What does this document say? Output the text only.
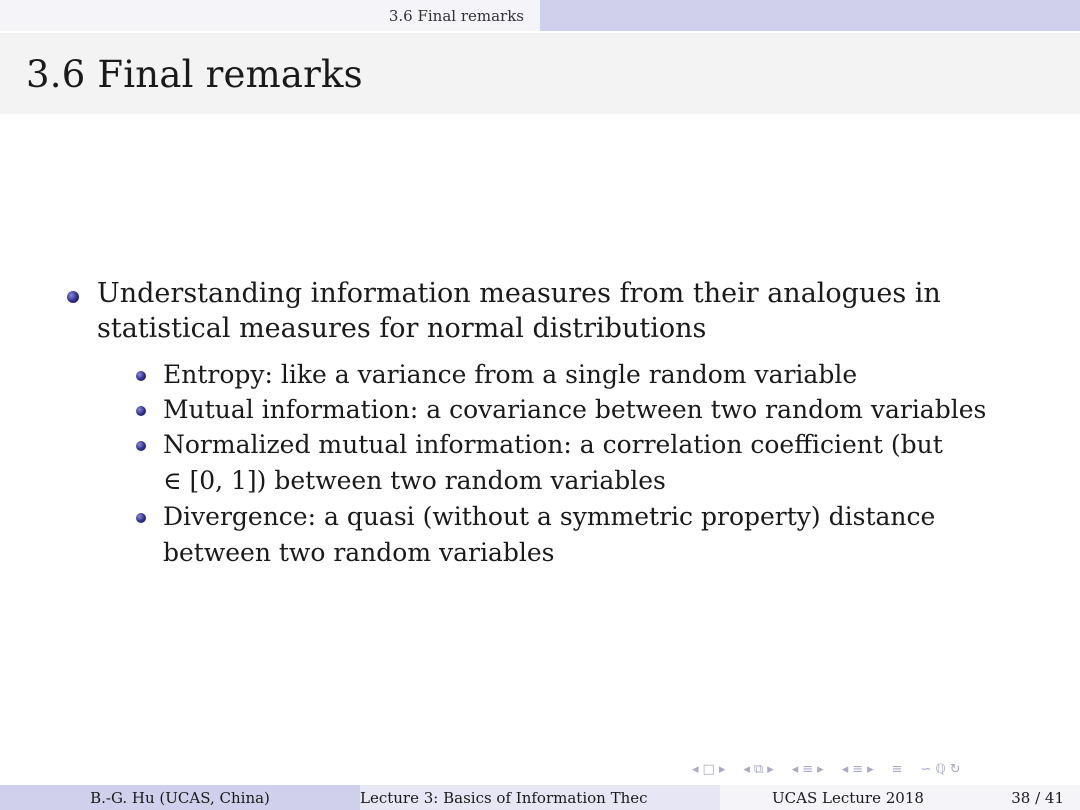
3.6 Final remarks
3.6 Final remarks
Understanding information measures from their analogues in
statistical measures for normal distributions
Entropy: like a variance from a single random variable
Mutual information: a covariance between two random variables
Normalized mutual information: a correlation coefficient (but
∈ [0, 1]) between two random variables
Divergence: a quasi (without a symmetric property) distance
between two random variables
◂ □ ▸ ◂ ⧉ ▸ ◂ ≡ ▸ ◂ ≡ ▸ ≡ ∽ ℚ ↻
B.-G. Hu (UCAS, China)	Lecture 3: Basics of Information Thec	UCAS Lecture 2018	38 / 41
